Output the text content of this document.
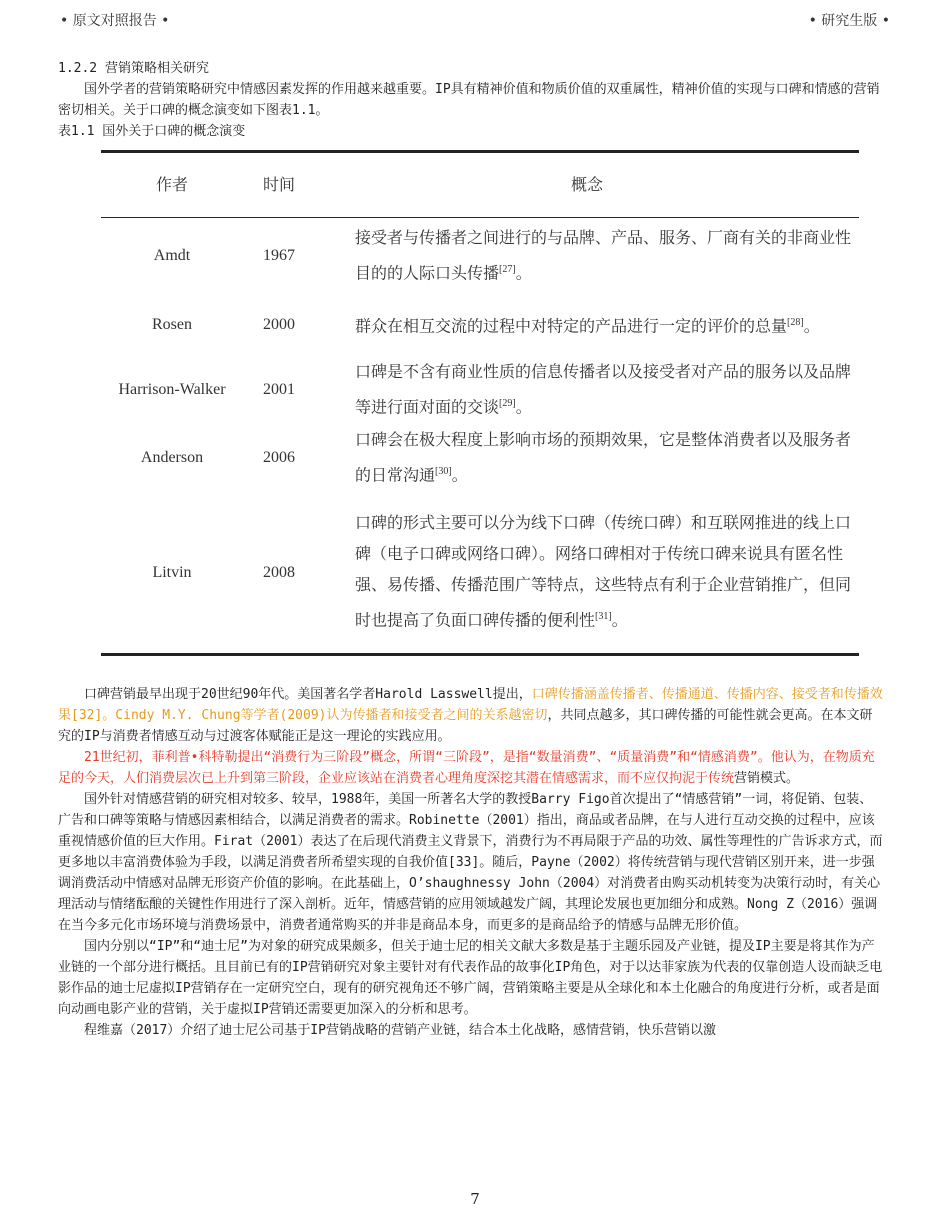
• 原文对照报告 •	• 研究生版 •

1.2.2 营销策略相关研究

国外学者的营销策略研究中情感因素发挥的作用越来越重要。IP具有精神价值和物质价值的双重属性，精神价值的实现与口碑和情感的营销密切相关。关于口碑的概念演变如下图表1.1。

表1.1 国外关于口碑的概念演变

作者	时间	概念
Amdt	1967	接受者与传播者之间进行的与品牌、产品、服务、厂商有关的非商业性目的的人际口头传播[27]。
Rosen	2000	群众在相互交流的过程中对特定的产品进行一定的评价的总量[28]。
Harrison-Walker	2001	口碑是不含有商业性质的信息传播者以及接受者对产品的服务以及品牌等进行面对面的交谈[29]。
Anderson	2006	口碑会在极大程度上影响市场的预期效果，它是整体消费者以及服务者的日常沟通[30]。
Litvin	2008	口碑的形式主要可以分为线下口碑（传统口碑）和互联网推进的线上口碑（电子口碑或网络口碑）。网络口碑相对于传统口碑来说具有匿名性强、易传播、传播范围广等特点，这些特点有利于企业营销推广，但同时也提高了负面口碑传播的便利性[31]。

口碑营销最早出现于20世纪90年代。美国著名学者Harold Lasswell提出，口碑传播涵盖传播者、传播通道、传播内容、接受者和传播效果[32]。Cindy M.Y. Chung等学者(2009)认为传播者和接受者之间的关系越密切，共同点越多，其口碑传播的可能性就会更高。在本文研究的IP与消费者情感互动与过渡客体赋能正是这一理论的实践应用。

21世纪初，菲利普•科特勒提出“消费行为三阶段”概念，所谓“三阶段”，是指“数量消费”、“质量消费”和“情感消费”。他认为，在物质充足的今天，人们消费层次已上升到第三阶段，企业应该站在消费者心理角度深挖其潜在情感需求，而不应仅拘泥于传统营销模式。

国外针对情感营销的研究相对较多、较早，1988年，美国一所著名大学的教授Barry Figo首次提出了“情感营销”一词，将促销、包装、广告和口碑等策略与情感因素相结合，以满足消费者的需求。Robinette（2001）指出，商品或者品牌，在与人进行互动交换的过程中，应该重视情感价值的巨大作用。Firat（2001）表达了在后现代消费主义背景下，消费行为不再局限于产品的功效、属性等理性的广告诉求方式，而更多地以丰富消费体验为手段，以满足消费者所希望实现的自我价值[33]。随后，Payne（2002）将传统营销与现代营销区别开来，进一步强调消费活动中情感对品牌无形资产价值的影响。在此基础上，O’shaughnessy John（2004）对消费者由购买动机转变为决策行动时，有关心理活动与情绪酝酿的关键性作用进行了深入剖析。近年，情感营销的应用领域越发广阔，其理论发展也更加细分和成熟。Nong Z（2016）强调在当今多元化市场环境与消费场景中，消费者通常购买的并非是商品本身，而更多的是商品给予的情感与品牌无形价值。

国内分别以“IP”和“迪士尼”为对象的研究成果颇多，但关于迪士尼的相关文献大多数是基于主题乐园及产业链，提及IP主要是将其作为产业链的一个部分进行概括。且目前已有的IP营销研究对象主要针对有代表作品的故事化IP角色，对于以达菲家族为代表的仅靠创造人设而缺乏电影作品的迪士尼虚拟IP营销存在一定研究空白，现有的研究视角还不够广阔，营销策略主要是从全球化和本土化融合的角度进行分析，或者是面向动画电影产业的营销，关于虚拟IP营销还需要更加深入的分析和思考。

程维嘉（2017）介绍了迪士尼公司基于IP营销战略的营销产业链，结合本土化战略，感情营销，快乐营销以激

7
